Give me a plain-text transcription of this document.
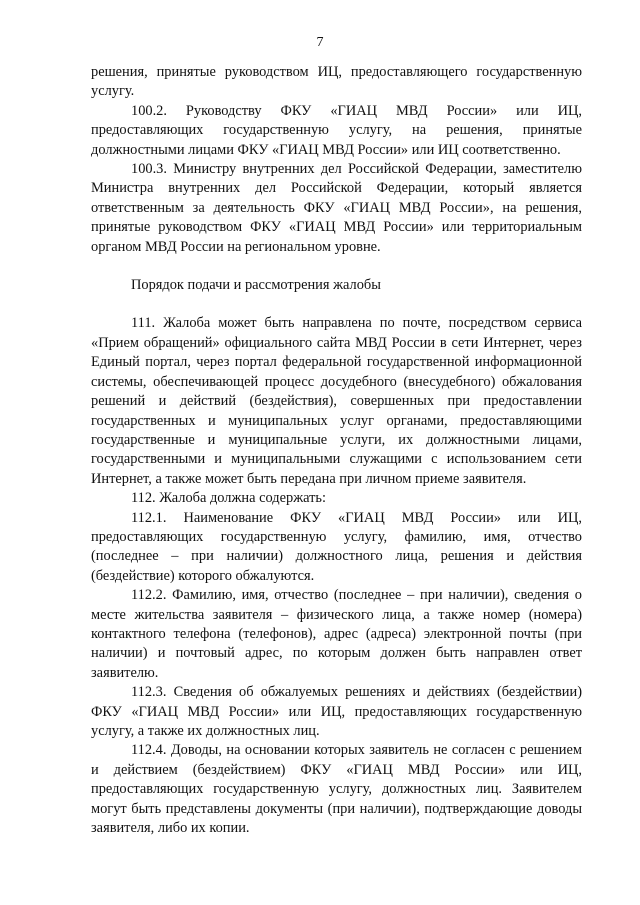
7

решения, принятые руководством ИЦ, предоставляющего государственную услугу.

100.2. Руководству ФКУ «ГИАЦ МВД России» или ИЦ, предоставляющих государственную услугу, на решения, принятые должностными лицами ФКУ «ГИАЦ МВД России» или ИЦ соответственно.

100.3. Министру внутренних дел Российской Федерации, заместителю Министра внутренних дел Российской Федерации, который является ответственным за деятельность ФКУ «ГИАЦ МВД России», на решения, принятые руководством ФКУ «ГИАЦ МВД России» или территориальным органом МВД России на региональном уровне.

Порядок подачи и рассмотрения жалобы

111. Жалоба может быть направлена по почте, посредством сервиса «Прием обращений» официального сайта МВД России в сети Интернет, через Единый портал, через портал федеральной государственной информационной системы, обеспечивающей процесс досудебного (внесудебного) обжалования решений и действий (бездействия), совершенных при предоставлении государственных и муниципальных услуг органами, предоставляющими государственные и муниципальные услуги, их должностными лицами, государственными и муниципальными служащими с использованием сети Интернет, а также может быть передана при личном приеме заявителя.

112. Жалоба должна содержать:

112.1. Наименование ФКУ «ГИАЦ МВД России» или ИЦ, предоставляющих государственную услугу, фамилию, имя, отчество (последнее – при наличии) должностного лица, решения и действия (бездействие) которого обжалуются.

112.2. Фамилию, имя, отчество (последнее – при наличии), сведения о месте жительства заявителя – физического лица, а также номер (номера) контактного телефона (телефонов), адрес (адреса) электронной почты (при наличии) и почтовый адрес, по которым должен быть направлен ответ заявителю.

112.3. Сведения об обжалуемых решениях и действиях (бездействии) ФКУ «ГИАЦ МВД России» или ИЦ, предоставляющих государственную услугу, а также их должностных лиц.

112.4. Доводы, на основании которых заявитель не согласен с решением и действием (бездействием) ФКУ «ГИАЦ МВД России» или ИЦ, предоставляющих государственную услугу, должностных лиц. Заявителем могут быть представлены документы (при наличии), подтверждающие доводы заявителя, либо их копии.
